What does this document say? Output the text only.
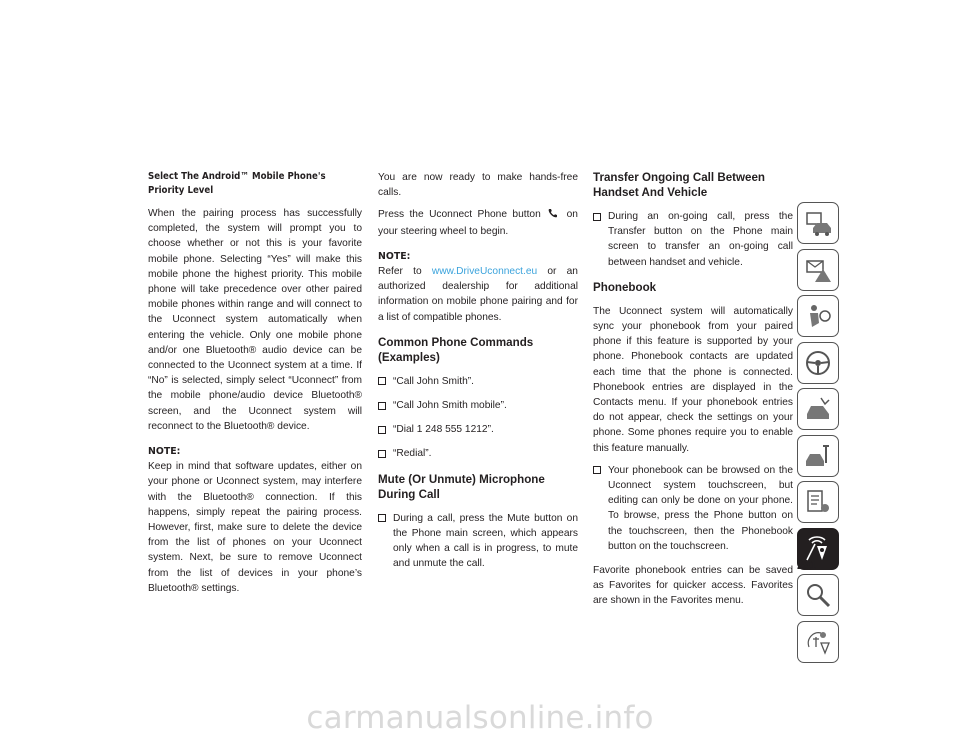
Select The Android™ Mobile Phone's Priority Level

When the pairing process has successfully completed, the system will prompt you to choose whether or not this is your favorite mobile phone. Selecting “Yes” will make this mobile phone the highest priority. This mobile phone will take precedence over other paired mobile phones within range and will connect to the Uconnect system automatically when entering the vehicle. Only one mobile phone and/or one Bluetooth® audio device can be connected to the Uconnect system at a time. If “No” is selected, simply select “Uconnect” from the mobile phone/audio device Bluetooth® screen, and the Uconnect system will reconnect to the Bluetooth® device.

NOTE:
Keep in mind that software updates, either on your phone or Uconnect system, may interfere with the Bluetooth® connection. If this happens, simply repeat the pairing process. However, first, make sure to delete the device from the list of phones on your Uconnect system. Next, be sure to remove Uconnect from the list of devices in your phone’s Bluetooth® settings.

You are now ready to make hands-free calls.

Press the Uconnect Phone button	on your steering wheel to begin.

NOTE:
Refer to www.DriveUconnect.eu or an authorized dealership for additional information on mobile phone pairing and for a list of compatible phones.

Common Phone Commands (Examples)
“Call John Smith”.
“Call John Smith mobile”.
“Dial 1 248 555 1212”.
“Redial”.
Mute (Or Unmute) Microphone During Call
During a call, press the Mute button on the Phone main screen, which appears only when a call is in progress, to mute and unmute the call.
Transfer Ongoing Call Between Handset And Vehicle
During an on-going call, press the Transfer button on the Phone main screen to transfer an on-going call between handset and vehicle.
Phonebook

The Uconnect system will automatically sync your phonebook from your paired phone if this feature is supported by your phone. Phonebook contacts are updated each time that the phone is connected. Phonebook entries are displayed in the Contacts menu. If your phonebook entries do not appear, check the settings on your phone. Some phones require you to enable this feature manually.

Your phonebook can be browsed on the Uconnect system touchscreen, but editing can only be done on your phone. To browse, press the Phone button on the touchscreen, then the Phonebook button on the touchscreen.

Favorite phonebook entries can be saved as Favorites for quicker access. Favorites are shown in the Favorites menu.

291
carmanualsonline.info
